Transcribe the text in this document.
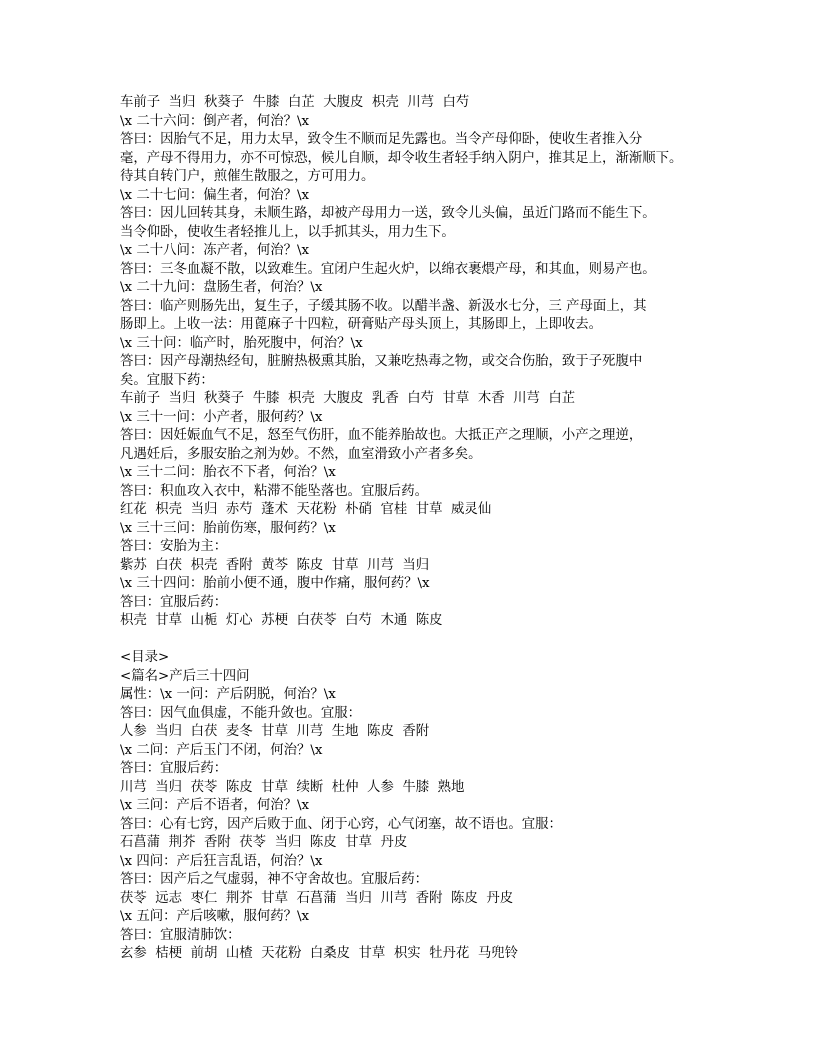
车前子  当归  秋葵子  牛膝  白芷  大腹皮  枳壳  川芎  白芍
\x 二十六问：倒产者，何治？\x
答曰：因胎气不足，用力太早，致令生不顺而足先露也。当令产母仰卧，使收生者推入分
毫，产母不得用力，亦不可惊恐，候儿自顺，却令收生者轻手纳入阴户，推其足上，渐渐顺下。
待其自转门户，煎催生散服之，方可用力。
\x 二十七问：偏生者，何治？\x
答曰：因儿回转其身，未顺生路，却被产母用力一送，致令儿头偏，虽近门路而不能生下。
当令仰卧，使收生者轻推儿上，以手抓其头，用力生下。
\x 二十八问：冻产者，何治？\x
答曰：三冬血凝不散，以致难生。宜闭户生起火炉，以绵衣裹煨产母，和其血，则易产也。
\x 二十九问：盘肠生者，何治？\x
答曰：临产则肠先出，复生子，子缓其肠不收。以醋半盏、新汲水七分，三 产母面上，其
肠即上。上收一法：用蓖麻子十四粒，研膏贴产母头顶上，其肠即上，上即收去。
\x 三十问：临产时，胎死腹中，何治？\x
答曰：因产母潮热经旬，脏腑热极熏其胎，又兼吃热毒之物，或交合伤胎，致于子死腹中
矣。宜服下药：
车前子  当归  秋葵子  牛膝  枳壳  大腹皮  乳香  白芍  甘草  木香  川芎  白芷
\x 三十一问：小产者，服何药？\x
答曰：因妊娠血气不足，怒至气伤肝，血不能养胎故也。大抵正产之理顺，小产之理逆，
凡遇妊后，多服安胎之剂为妙。不然，血室滑致小产者多矣。
\x 三十二问：胎衣不下者，何治？\x
答曰：积血攻入衣中，粘滞不能坠落也。宜服后药。
红花  枳壳  当归  赤芍  蓬术  天花粉  朴硝  官桂  甘草  威灵仙
\x 三十三问：胎前伤寒，服何药？\x
答曰：安胎为主：
紫苏  白茯  枳壳  香附  黄芩  陈皮  甘草  川芎  当归
\x 三十四问：胎前小便不通，腹中作痛，服何药？\x
答曰：宜服后药：
枳壳  甘草  山栀  灯心  苏梗  白茯苓  白芍  木通  陈皮
<目录>
<篇名>产后三十四问
属性：\x 一问：产后阴脱，何治？\x
答曰：因气血俱虚，不能升敛也。宜服：
人参  当归  白茯  麦冬  甘草  川芎  生地  陈皮  香附
\x 二问：产后玉门不闭，何治？\x
答曰：宜服后药：
川芎  当归  茯苓  陈皮  甘草  续断  杜仲  人参  牛膝  熟地
\x 三问：产后不语者，何治？\x
答曰：心有七窍，因产后败于血、闭于心窍，心气闭塞，故不语也。宜服：
石菖蒲  荆芥  香附  茯苓  当归  陈皮  甘草  丹皮
\x 四问：产后狂言乱语，何治？\x
答曰：因产后之气虚弱，神不守舍故也。宜服后药：
茯苓  远志  枣仁  荆芥  甘草  石菖蒲  当归  川芎  香附  陈皮  丹皮
\x 五问：产后咳嗽，服何药？\x
答曰：宜服清肺饮：
玄参  桔梗  前胡  山楂  天花粉  白桑皮  甘草  枳实  牡丹花  马兜铃
